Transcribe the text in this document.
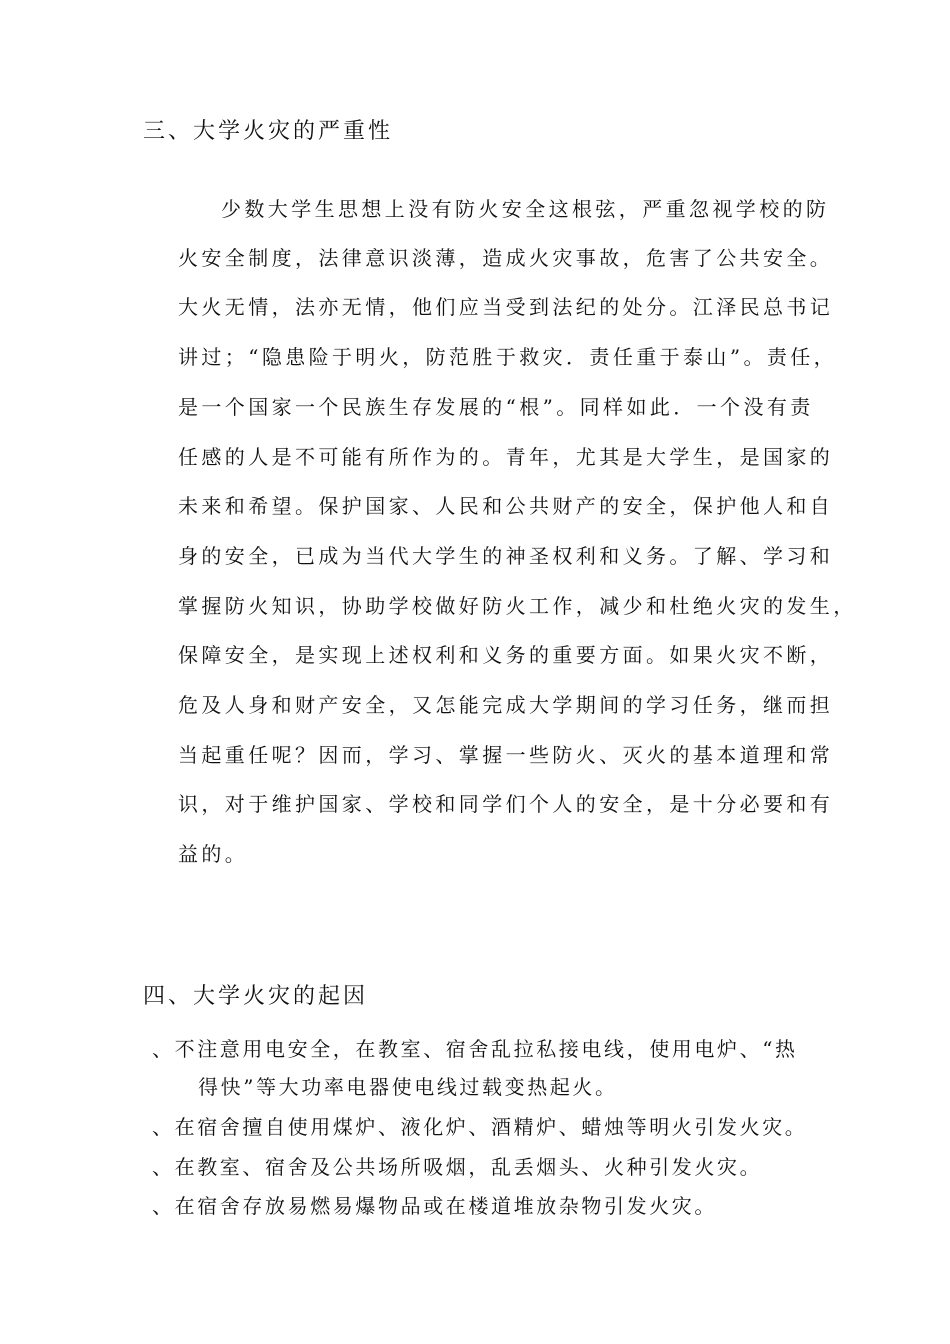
三、大学火灾的严重性
少数大学生思想上没有防火安全这根弦，严重忽视学校的防
火安全制度，法律意识淡薄，造成火灾事故，危害了公共安全。
大火无情，法亦无情，他们应当受到法纪的处分。江泽民总书记
讲过；“隐患险于明火，防范胜于救灾．责任重于泰山”。责任，
是一个国家一个民族生存发展的“根”。同样如此．一个没有责
任感的人是不可能有所作为的。青年，尤其是大学生，是国家的
未来和希望。保护国家、人民和公共财产的安全，保护他人和自
身的安全，已成为当代大学生的神圣权利和义务。了解、学习和
掌握防火知识，协助学校做好防火工作，减少和杜绝火灾的发生，
保障安全，是实现上述权利和义务的重要方面。如果火灾不断，
危及人身和财产安全，又怎能完成大学期间的学习任务，继而担
当起重任呢？因而，学习、掌握一些防火、灭火的基本道理和常
识，对于维护国家、学校和同学们个人的安全，是十分必要和有
益的。
四、大学火灾的起因
、不注意用电安全，在教室、宿舍乱拉私接电线，使用电炉、“热
得快”等大功率电器使电线过载变热起火。
、在宿舍擅自使用煤炉、液化炉、酒精炉、蜡烛等明火引发火灾。
、在教室、宿舍及公共场所吸烟，乱丢烟头、火种引发火灾。
、在宿舍存放易燃易爆物品或在楼道堆放杂物引发火灾。
